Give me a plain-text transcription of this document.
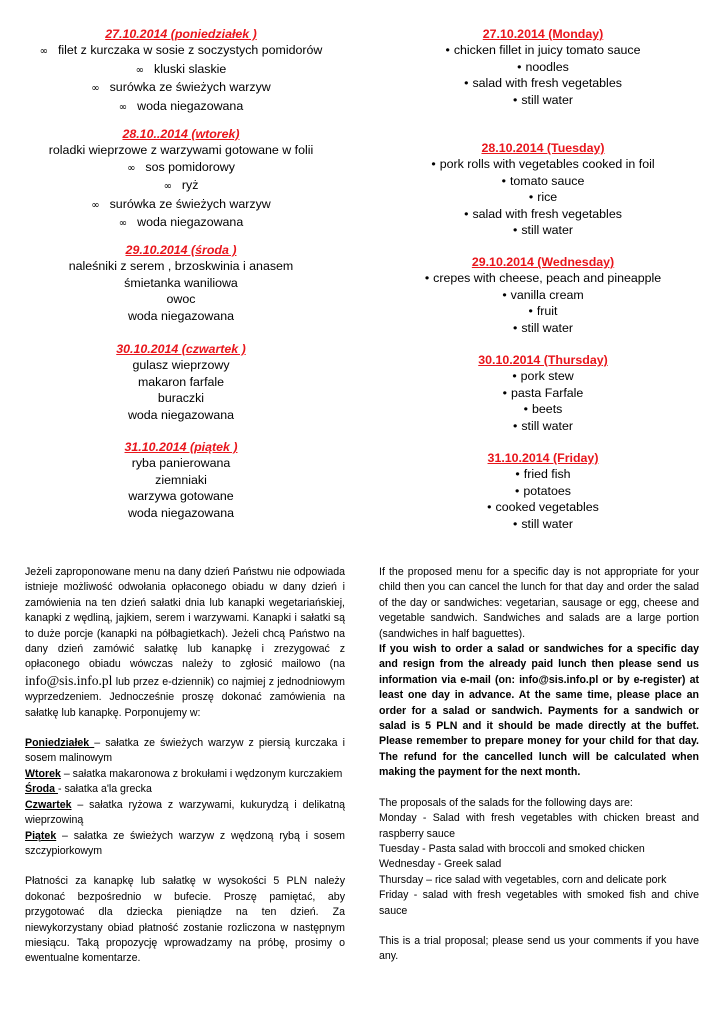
27.10.2014 (poniedziałek )
∞ filet z kurczaka w sosie z soczystych pomidorów
∞ kluski slaskie
∞ surówka ze świeżych warzyw
∞ woda niegazowana
28.10..2014 (wtorek)
roladki wieprzowe z warzywami gotowane w folii
∞ sos pomidorowy
∞ ryż
∞ surówka ze świeżych warzyw
∞ woda niegazowana
29.10.2014 (środa )
naleśniki z serem , brzoskwinia i anasem
śmietanka waniliowa
owoc
woda niegazowana
30.10.2014 (czwartek )
gulasz wieprzowy
makaron farfale
buraczki
woda niegazowana
31.10.2014 (piątek )
ryba panierowana
ziemniaki
warzywa gotowane
woda niegazowana
27.10.2014 (Monday)
• chicken fillet in juicy tomato sauce
• noodles
• salad with fresh vegetables
• still water
28.10.2014 (Tuesday)
• pork rolls with vegetables cooked in foil
• tomato sauce
• rice
• salad with fresh vegetables
• still water
29.10.2014 (Wednesday)
• crepes with cheese, peach and pineapple
• vanilla cream
• fruit
• still water
30.10.2014 (Thursday)
• pork stew
• pasta Farfale
• beets
• still water
31.10.2014 (Friday)
• fried fish
• potatoes
• cooked vegetables
• still water

Jeżeli zaproponowane menu na dany dzień Państwu nie odpowiada istnieje możliwość odwołania opłaconego obiadu w dany dzień i zamówienia na ten dzień sałatki dnia lub kanapki wegetariańskiej, kanapki z wędliną, jajkiem, serem i warzywami. Kanapki i sałatki są to duże porcje (kanapki na półbagietkach). Jeżeli chcą Państwo na dany dzień zamówić sałatkę lub kanapkę i zrezygować z opłaconego obiadu wówczas należy to zgłosić mailowo (na info@sis.info.pl lub przez e-dziennik) co najmiej z jednodniowym wyprzedzeniem. Jednocześnie proszę dokonać zamówienia na sałatkę lub kanapkę. Porponujemy w:

Poniedziałek – sałatka ze świeżych warzyw z piersią kurczaka i sosem malinowym
Wtorek – sałatka makaronowa z brokułami i wędzonym kurczakiem
Środa - sałatka a'la grecka
Czwartek – sałatka ryżowa z warzywami, kukurydzą i delikatną wieprzowiną
Piątek – sałatka ze świeżych warzyw z wędzoną rybą i sosem szczypiorkowym

Płatności za kanapkę lub sałatkę w wysokości 5 PLN należy dokonać bezpośrednio w bufecie. Proszę pamiętać, aby przygotować dla dziecka pieniądze na ten dzień. Za niewykorzystany obiad płatność zostanie rozliczona w następnym miesiącu. Taką propozycję wprowadzamy na próbę, prosimy o ewentualne komentarze.

If the proposed menu for a specific day is not appropriate for your child then you can cancel the lunch for that day and order the salad of the day or sandwiches: vegetarian, sausage or egg, cheese and vegetable sandwich. Sandwiches and salads are a large portion (sandwiches in half baguettes).

If you wish to order a salad or sandwiches for a specific day and resign from the already paid lunch then please send us information via e-mail (on: info@sis.info.pl or by e-register) at least one day in advance. At the same time, please place an order for a salad or sandwich. Payments for a sandwich or salad is 5 PLN and it should be made directly at the buffet. Please remember to prepare money for your child for that day. The refund for the cancelled lunch will be calculated when making the payment for the next month.

The proposals of the salads for the following days are:

Monday - Salad with fresh vegetables with chicken breast and raspberry sauce

Tuesday - Pasta salad with broccoli and smoked chicken

Wednesday - Greek salad

Thursday – rice salad with vegetables, corn and delicate pork

Friday - salad with fresh vegetables with smoked fish and chive sauce

This is a trial proposal; please send us your comments if you have any.
